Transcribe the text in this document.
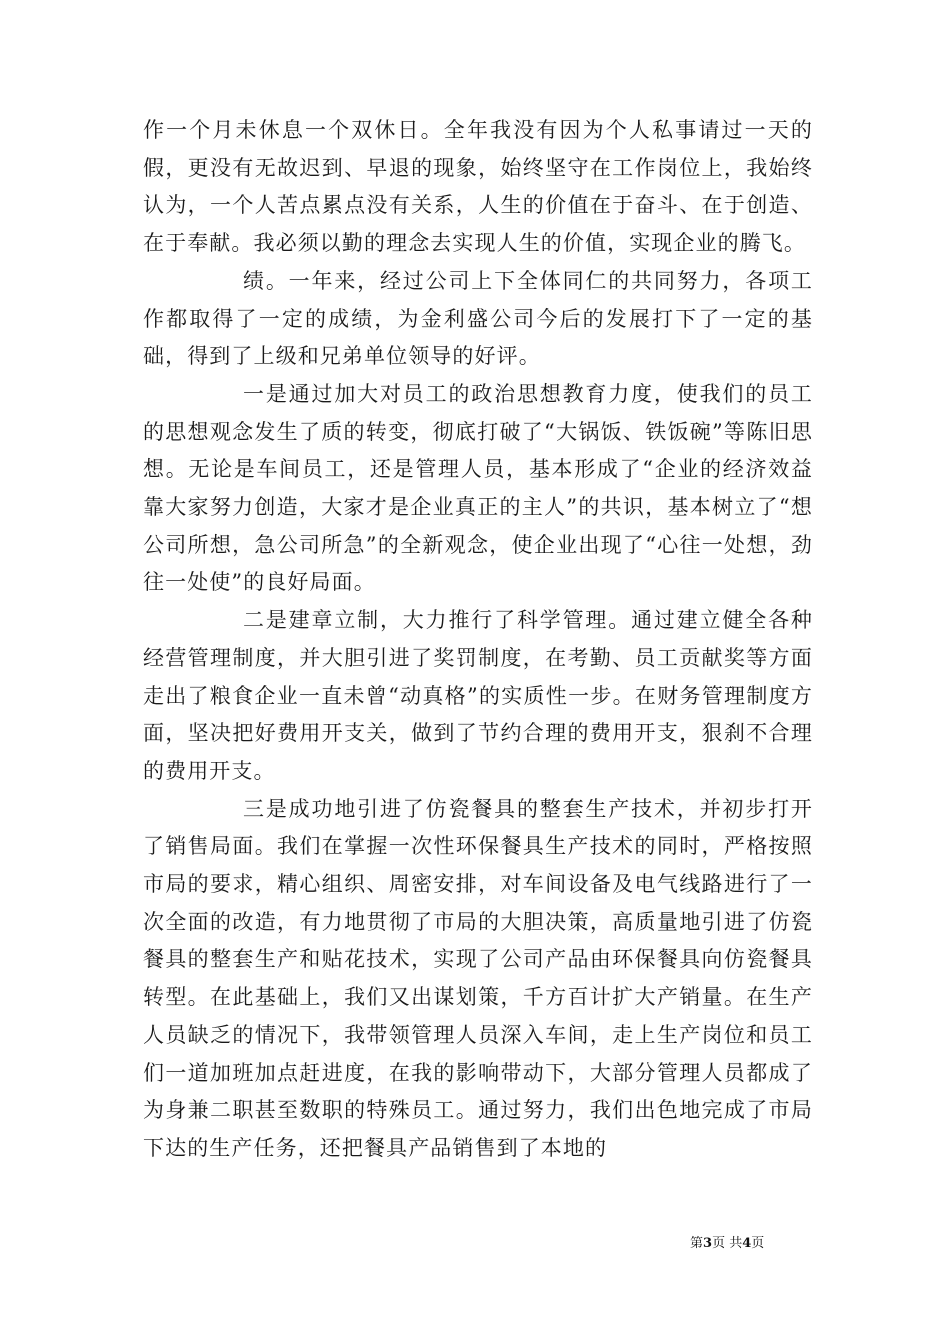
作一个月未休息一个双休日。全年我没有因为个人私事请过一天的假，更没有无故迟到、早退的现象，始终坚守在工作岗位上，我始终认为，一个人苦点累点没有关系，人生的价值在于奋斗、在于创造、在于奉献。我必须以勤的理念去实现人生的价值，实现企业的腾飞。

绩。一年来，经过公司上下全体同仁的共同努力，各项工作都取得了一定的成绩，为金利盛公司今后的发展打下了一定的基础，得到了上级和兄弟单位领导的好评。

一是通过加大对员工的政治思想教育力度，使我们的员工的思想观念发生了质的转变，彻底打破了“大锅饭、铁饭碗”等陈旧思想。无论是车间员工，还是管理人员，基本形成了“企业的经济效益靠大家努力创造，大家才是企业真正的主人”的共识，基本树立了“想公司所想，急公司所急”的全新观念，使企业出现了“心往一处想，劲往一处使”的良好局面。

二是建章立制，大力推行了科学管理。通过建立健全各种经营管理制度，并大胆引进了奖罚制度，在考勤、员工贡献奖等方面走出了粮食企业一直未曾“动真格”的实质性一步。在财务管理制度方面，坚决把好费用开支关，做到了节约合理的费用开支，狠刹不合理的费用开支。

三是成功地引进了仿瓷餐具的整套生产技术，并初步打开了销售局面。我们在掌握一次性环保餐具生产技术的同时，严格按照市局的要求，精心组织、周密安排，对车间设备及电气线路进行了一次全面的改造，有力地贯彻了市局的大胆决策，高质量地引进了仿瓷餐具的整套生产和贴花技术，实现了公司产品由环保餐具向仿瓷餐具转型。在此基础上，我们又出谋划策，千方百计扩大产销量。在生产人员缺乏的情况下，我带领管理人员深入车间，走上生产岗位和员工们一道加班加点赶进度，在我的影响带动下，大部分管理人员都成了为身兼二职甚至数职的特殊员工。通过努力，我们出色地完成了市局下达的生产任务，还把餐具产品销售到了本地的

第3页 共4页
